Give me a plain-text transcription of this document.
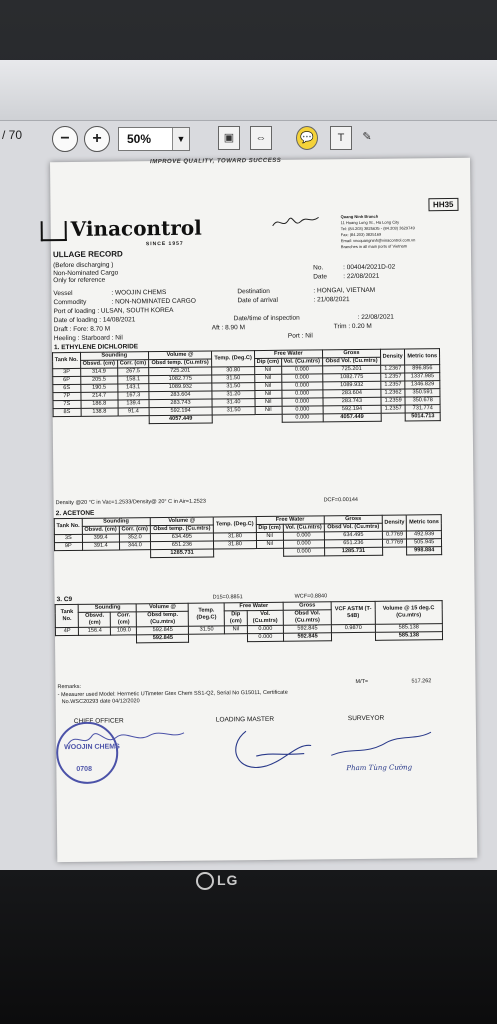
/ 70	−	+	50%	▼	▣	⇔	💬	T	✎
IMPROVE QUALITY, TOWARD SUCCESS
HH35
Vinacontrol
SINCE 1957
Quang Ninh Branch
11 Hoang Long St., Ha Long City
Tel: (84.203) 3825635 - (84.203) 3629749
Fax: (84.203) 3825169
Email: vncquangninh@vinacontrol.com.vn
Branches in all main ports of Vietnam
ULLAGE RECORD
(Before discharging )
Non-Nominated Cargo
Only for reference
No.	: 00404/2021D-02
Date : 22/08/2021
Vessel	: WOOJIN CHEMS	Destination	: HONGAI, VIETNAM
Commodity	: NON-NOMINATED CARGO	Date of arrival	: 21/08/2021
Port of loading : ULSAN, SOUTH KOREA
Date of loading : 14/08/2021	Date/time of inspection	: 22/08/2021
Draft : Fore: 8.70 M	Aft : 8.90 M	Trim : 0.20 M
Heeling : Starboard : Nil	Port : Nil
1. ETHYLENE DICHLORIDE
Tank No.	Sounding		Volume @	Temp. (Deg.C)	Free Water		Gross	Density	Metric tons
	Obsvd. (cm)	Corr. (cm)	Obsd temp. (Cu.mtrs)		Dip (cm)	Vol. (Cu.mtrs)	Obsd Vol. (Cu.mtrs)		
3P	314.9	267.5	725.201	30.80	Nil	0.000	725.201	1.2367	896.856
6P	205.5	158.1	1082.775	31.50	Nil	0.000	1082.775	1.2357	1337.985
6S	190.5	143.1	1089.932	31.50	Nil	0.000	1089.932	1.2357	1346.829
7P	214.7	167.3	283.604	31.20	Nil	0.000	283.604	1.2362	350.591
7S	186.8	139.4	283.743	31.40	Nil	0.000	283.743	1.2359	350.678
8S	138.8	91.4	592.194	31.50	Nil	0.000	592.194	1.2357	731.774
			4057.449			0.000	4057.449		5014.713
Density @20 °C in Vac=1.2533/Density@ 20° C in Air=1.2523	DCF=0.00144
2. ACETONE
Tank No.	Sounding		Volume @	Temp. (Deg.C)	Free Water		Gross	Density	Metric tons
	Obsvd. (cm)	Corr. (cm)	Obsd temp. (Cu.mtrs)		Dip (cm)	Vol. (Cu.mtrs)	Obsd Vol. (Cu.mtrs)		
3S	399.4	352.0	634.495	31.80	Nil	0.000	634.495	0.7769	492.939
9P	391.4	344.0	651.236	31.80	Nil	0.000	651.236	0.7769	505.945
			1285.731			0.000	1285.731		998.884
3. C9	D15=0.8851	WCF=0.8840
Tank No.	Sounding		Volume @	Temp. (Deg.C)	Free Water		Gross	VCF ASTM (T-54B)	Volume @ 15 deg.C (Cu.mtrs)
	Obsvd. (cm)	Corr. (cm)	Obsd temp. (Cu.mtrs)		Dip (cm)	Vol. (Cu.mtrs)	Obsd Vol. (Cu.mtrs)		
4P	156.4	109.0	592.845	31.50	Nil	0.000	592.845	0.9870	585.138
			592.845			0.000	592.845		585.138
M/T=	517.262
Remarks:
- Measurer used Model: Hermetic UTimeter Gtex Chem SS1-Q2, Serial No G15011, Certificate
No.WSC20293 date 04/12/2020
CHIEF OFFICER	LOADING MASTER	SURVEYOR
WOOJIN CHEMS
0708	Pham Tùng Cường
LG
